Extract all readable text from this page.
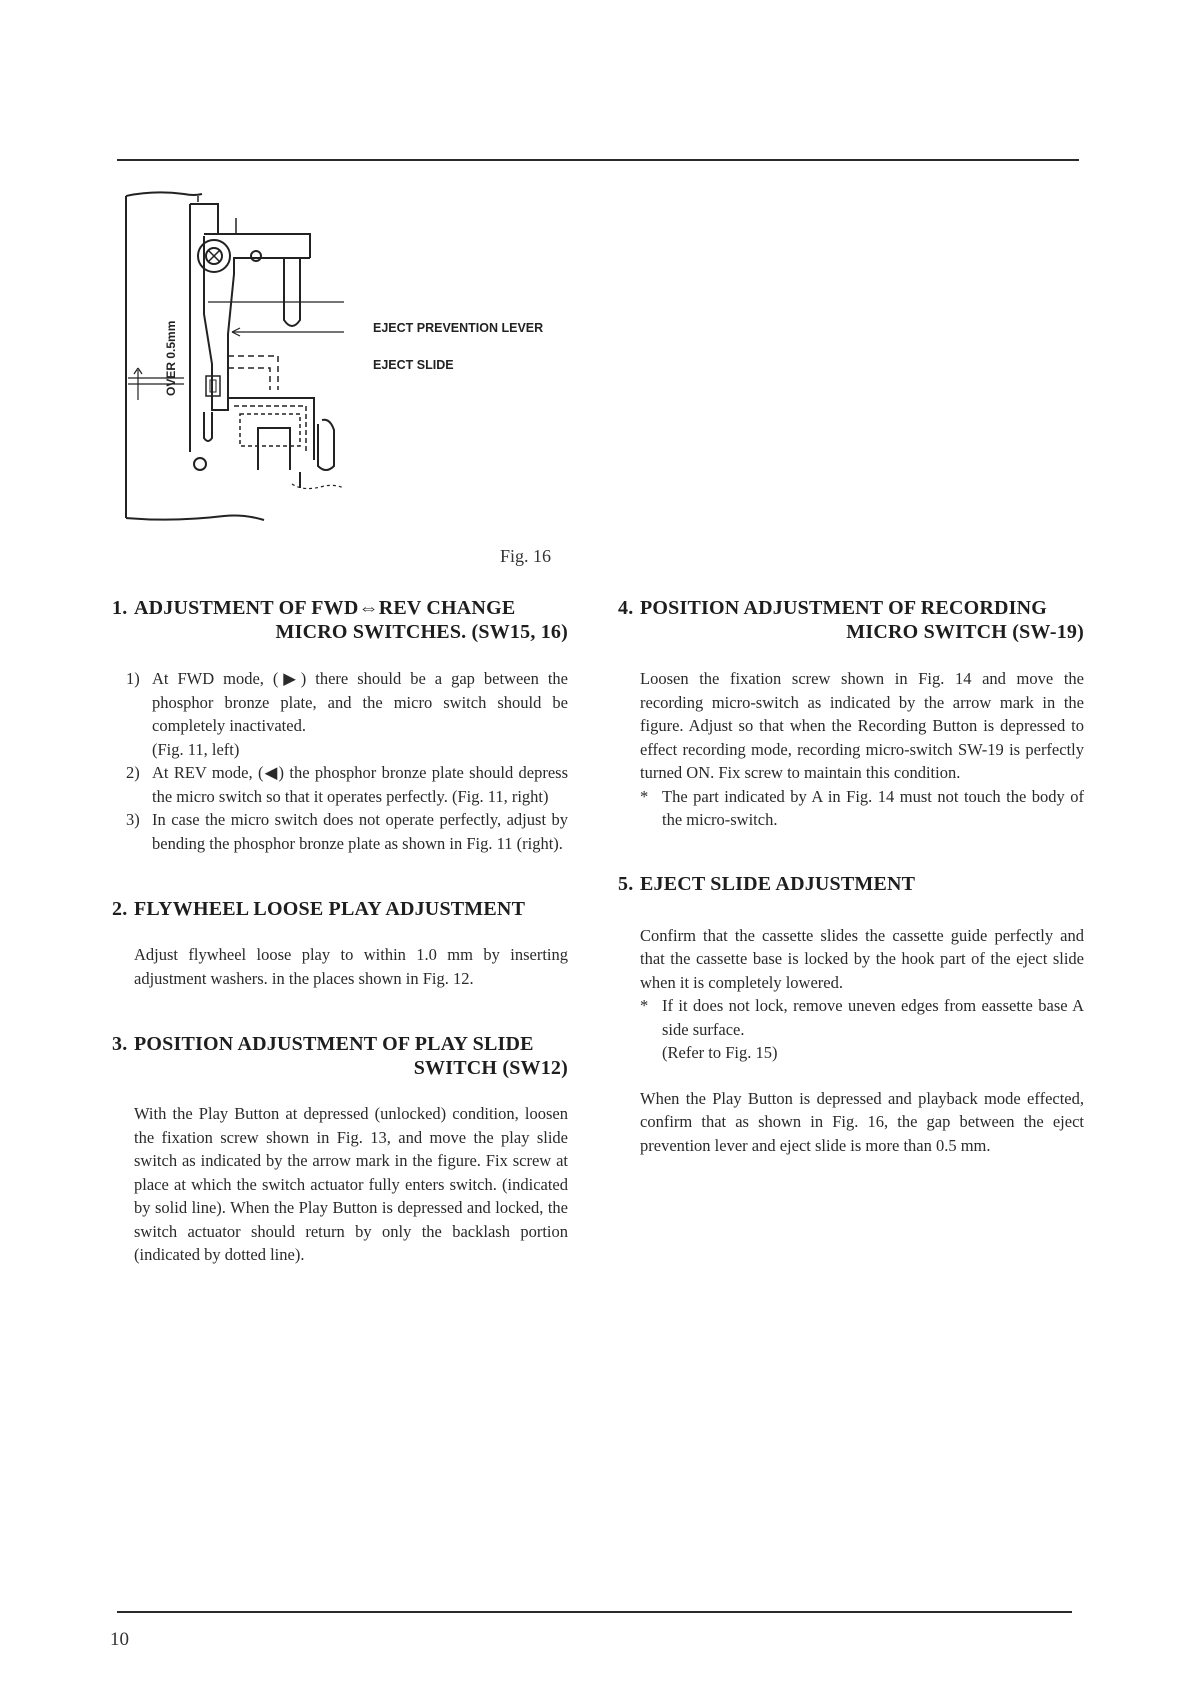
EJECT PREVENTION LEVER
EJECT SLIDE
OVER 0.5mm
Fig. 16
1. ADJUSTMENT OF FWD⇔REV CHANGE
MICRO SWITCHES. (SW15, 16)
1) At FWD mode, (▶) there should be a gap between the phosphor bronze plate, and the micro switch should be completely inactivated.
(Fig. 11, left)
2) At REV mode, (◀) the phosphor bronze plate should depress the micro switch so that it operates perfectly. (Fig. 11, right)
3) In case the micro switch does not operate perfectly, adjust by bending the phosphor bronze plate as shown in Fig. 11 (right).
2. FLYWHEEL LOOSE PLAY ADJUSTMENT

Adjust flywheel loose play to within 1.0 mm by inserting adjustment washers. in the places shown in Fig. 12.

3. POSITION ADJUSTMENT OF PLAY SLIDE
SWITCH (SW12)

With the Play Button at depressed (unlocked) condition, loosen the fixation screw shown in Fig. 13, and move the play slide switch as indicated by the arrow mark in the figure. Fix screw at place at which the switch actuator fully enters switch. (indicated by solid line). When the Play Button is depressed and locked, the switch actuator should return by only the backlash portion (indicated by dotted line).

4. POSITION ADJUSTMENT OF RECORDING
MICRO SWITCH (SW-19)

Loosen the fixation screw shown in Fig. 14 and move the recording micro-switch as indicated by the arrow mark in the figure. Adjust so that when the Recording Button is depressed to effect recording mode, recording micro-switch SW-19 is perfectly turned ON. Fix screw to maintain this condition.

* The part indicated by A in Fig. 14 must not touch the body of the micro-switch.

5. EJECT SLIDE ADJUSTMENT

Confirm that the cassette slides the cassette guide perfectly and that the cassette base is locked by the hook part of the eject slide when it is completely lowered.

* If it does not lock, remove uneven edges from eassette base A side surface.

(Refer to Fig. 15)

When the Play Button is depressed and playback mode effected, confirm that as shown in Fig. 16, the gap between the eject prevention lever and eject slide is more than 0.5 mm.

10
